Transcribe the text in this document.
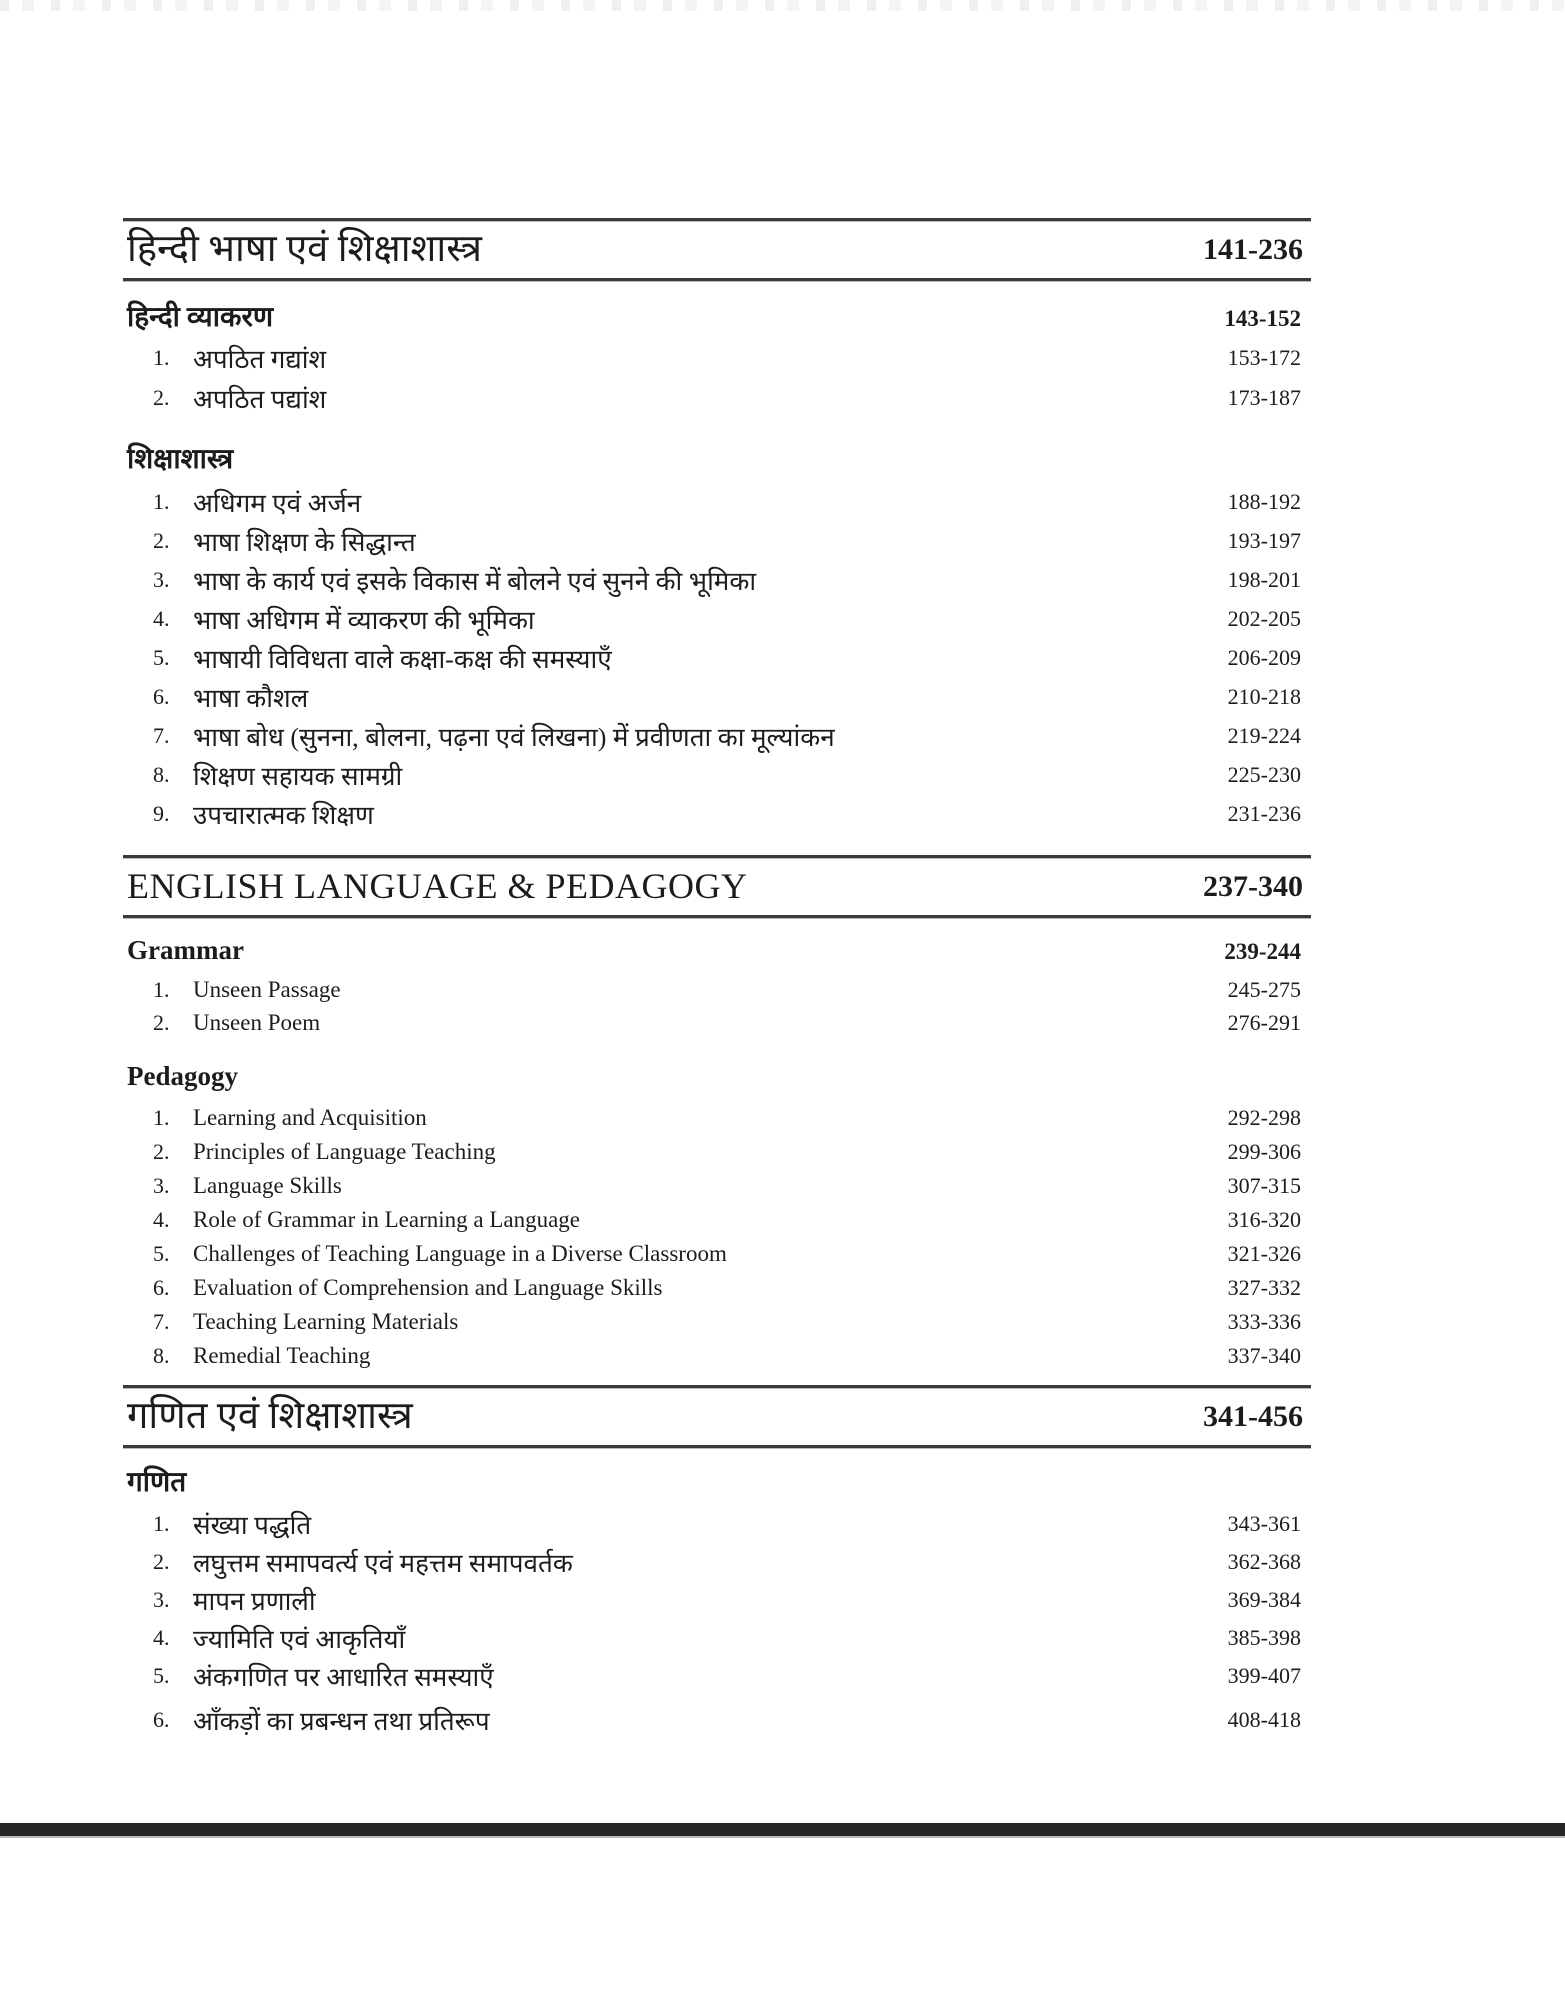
हिन्दी भाषा एवं शिक्षाशास्त्र	141-236
हिन्दी व्याकरण	143-152
1. अपठित गद्यांश	153-172
2. अपठित पद्यांश	173-187
शिक्षाशास्त्र
1. अधिगम एवं अर्जन	188-192
2. भाषा शिक्षण के सिद्धान्त	193-197
3. भाषा के कार्य एवं इसके विकास में बोलने एवं सुनने की भूमिका	198-201
4. भाषा अधिगम में व्याकरण की भूमिका	202-205
5. भाषायी विविधता वाले कक्षा-कक्ष की समस्याएँ	206-209
6. भाषा कौशल	210-218
7. भाषा बोध (सुनना, बोलना, पढ़ना एवं लिखना) में प्रवीणता का मूल्यांकन	219-224
8. शिक्षण सहायक सामग्री	225-230
9. उपचारात्मक शिक्षण	231-236
ENGLISH LANGUAGE & PEDAGOGY	237-340
Grammar	239-244
1.	Unseen Passage	245-275
2.	Unseen Poem	276-291
Pedagogy
1.	Learning and Acquisition	292-298
2.	Principles of Language Teaching	299-306
3.	Language Skills	307-315
4.	Role of Grammar in Learning a Language	316-320
5.	Challenges of Teaching Language in a Diverse Classroom	321-326
6.	Evaluation of Comprehension and Language Skills	327-332
7.	Teaching Learning Materials	333-336
8.	Remedial Teaching	337-340
गणित एवं शिक्षाशास्त्र	341-456
गणित
1. संख्या पद्धति	343-361
2. लघुत्तम समापवर्त्य एवं महत्तम समापवर्तक	362-368
3. मापन प्रणाली	369-384
4. ज्यामिति एवं आकृतियाँ	385-398
5. अंकगणित पर आधारित समस्याएँ	399-407
6. आँकड़ों का प्रबन्धन तथा प्रतिरूप	408-418
